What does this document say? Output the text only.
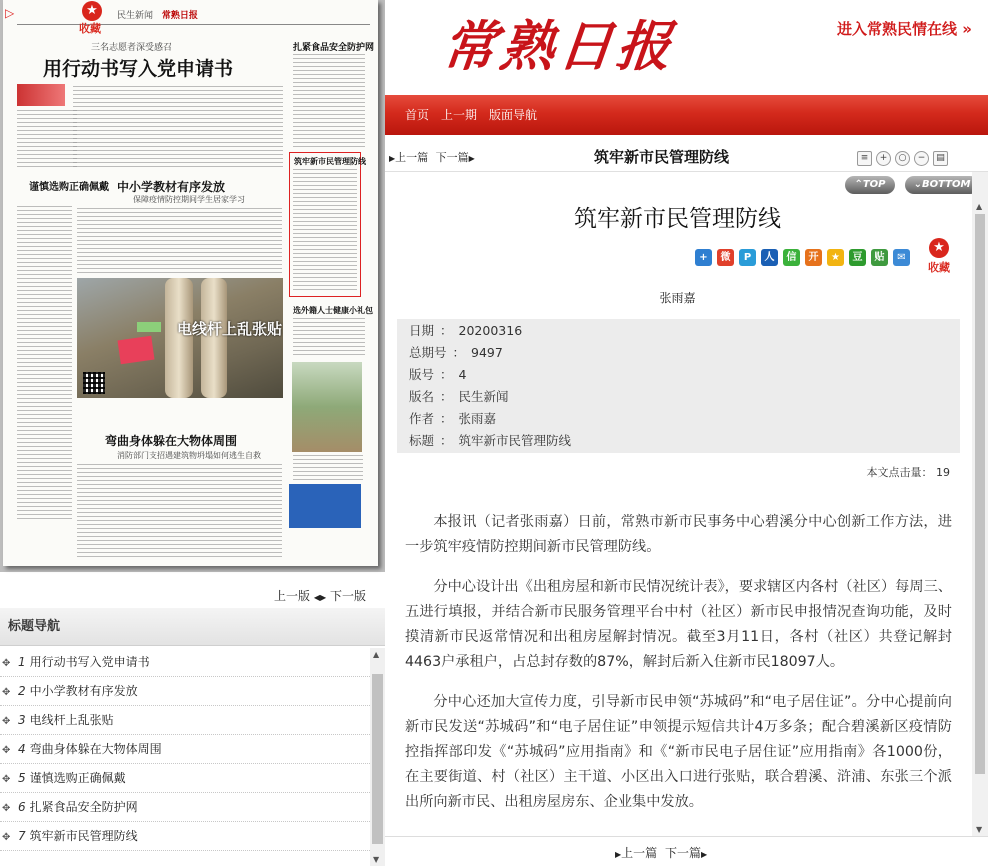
▷	★
收藏
民生新闻 常熟日报
三名志愿者深受感召
用行动书写入党申请书
扎紧食品安全防护网
筑牢新市民管理防线
选外籍人士健康小礼包
谨慎选购正确佩戴 中小学教材有序发放
保障疫情防控期间学生居家学习
电线杆上乱张贴
弯曲身体躲在大物体周围
消防部门支招遇建筑物坍塌如何逃生自救
上一版 ◀▶ 下一版
标题导航
✥ 1 用行动书写入党申请书
✥ 2 中小学教材有序发放
✥ 3 电线杆上乱张贴
✥ 4 弯曲身体躲在大物体周围
✥ 5 谨慎选购正确佩戴
✥ 6 扎紧食品安全防护网
✥ 7 筑牢新市民管理防线
▲
▼
常熟日报	进入常熟民情在线 »
首页 上一期 版面导航
▶上一篇 下一篇▶	筑牢新市民管理防线	≡ + ○ − ▤
⌃TOP	⌄BOTTOM
筑牢新市民管理防线
+ 微 P 人 信 开 ★ 豆 贴 ✉
★
收藏
张雨嘉
日期 ： 20200316
总期号 ： 9497
版号 ： 4
版名 ： 民生新闻
作者 ： 张雨嘉
标题 ： 筑牢新市民管理防线
本文点击量： 19

本报讯（记者张雨嘉）日前，常熟市新市民事务中心碧溪分中心创新工作方法，进一步筑牢疫情防控期间新市民管理防线。

分中心设计出《出租房屋和新市民情况统计表》，要求辖区内各村（社区）每周三、五进行填报，并结合新市民服务管理平台中村（社区）新市民申报情况查询功能，及时摸清新市民返常情况和出租房屋解封情况。截至3月11日，各村（社区）共登记解封4463户承租户，占总封存数的87%，解封后新入住新市民18097人。

分中心还加大宣传力度，引导新市民申领“苏城码”和“电子居住证”。分中心提前向新市民发送“苏城码”和“电子居住证”申领提示短信共计4万多条；配合碧溪新区疫情防控指挥部印发《“苏城码”应用指南》和《“新市民电子居住证”应用指南》各1000份，在主要街道、村（社区）主干道、小区出入口进行张贴，联合碧溪、浒浦、东张三个派出所向新市民、出租房屋房东、企业集中发放。

▲
▼
▶上一篇 下一篇▶
